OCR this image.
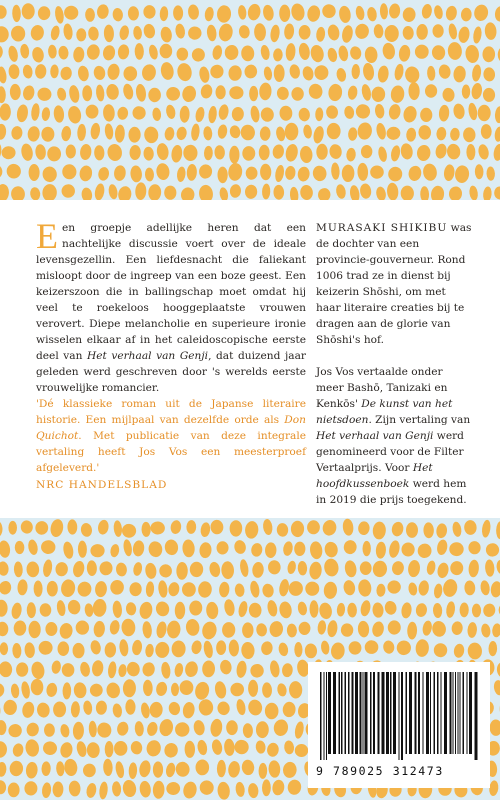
Een groepje adellijke heren dat een nachtelijke discussie voert over de ideale levensgezellin. Een liefdesnacht die faliekant misloopt door de ingreep van een boze geest. Een keizerszoon die in ballingschap moet omdat hij veel te roekeloos hooggeplaatste vrouwen verovert. Diepe melancholie en superieure ironie wisselen elkaar af in het caleidoscopische eerste deel van Het verhaal van Genji, dat duizend jaar geleden werd geschreven door 's werelds eerste vrouwelijke romancier.

'Dé klassieke roman uit de Japanse literaire historie. Een mijlpaal van dezelfde orde als Don Quichot. Met publicatie van deze integrale vertaling heeft Jos Vos een meesterproef afgeleverd.'
NRC HANDELSBLAD

MURASAKI SHIKIBU was de dochter van een provincie-gouverneur. Rond 1006 trad ze in dienst bij keizerin Shōshi, om met haar literaire creaties bij te dragen aan de glorie van Shōshi's hof.

Jos Vos vertaalde onder meer Bashō, Tanizaki en Kenkōs' De kunst van het nietsdoen. Zijn vertaling van Het verhaal van Genji werd genomineerd voor de Filter Vertaalprijs. Voor Het hoofdkussenboek werd hem in 2019 die prijs toegekend.

9 789025 312473
